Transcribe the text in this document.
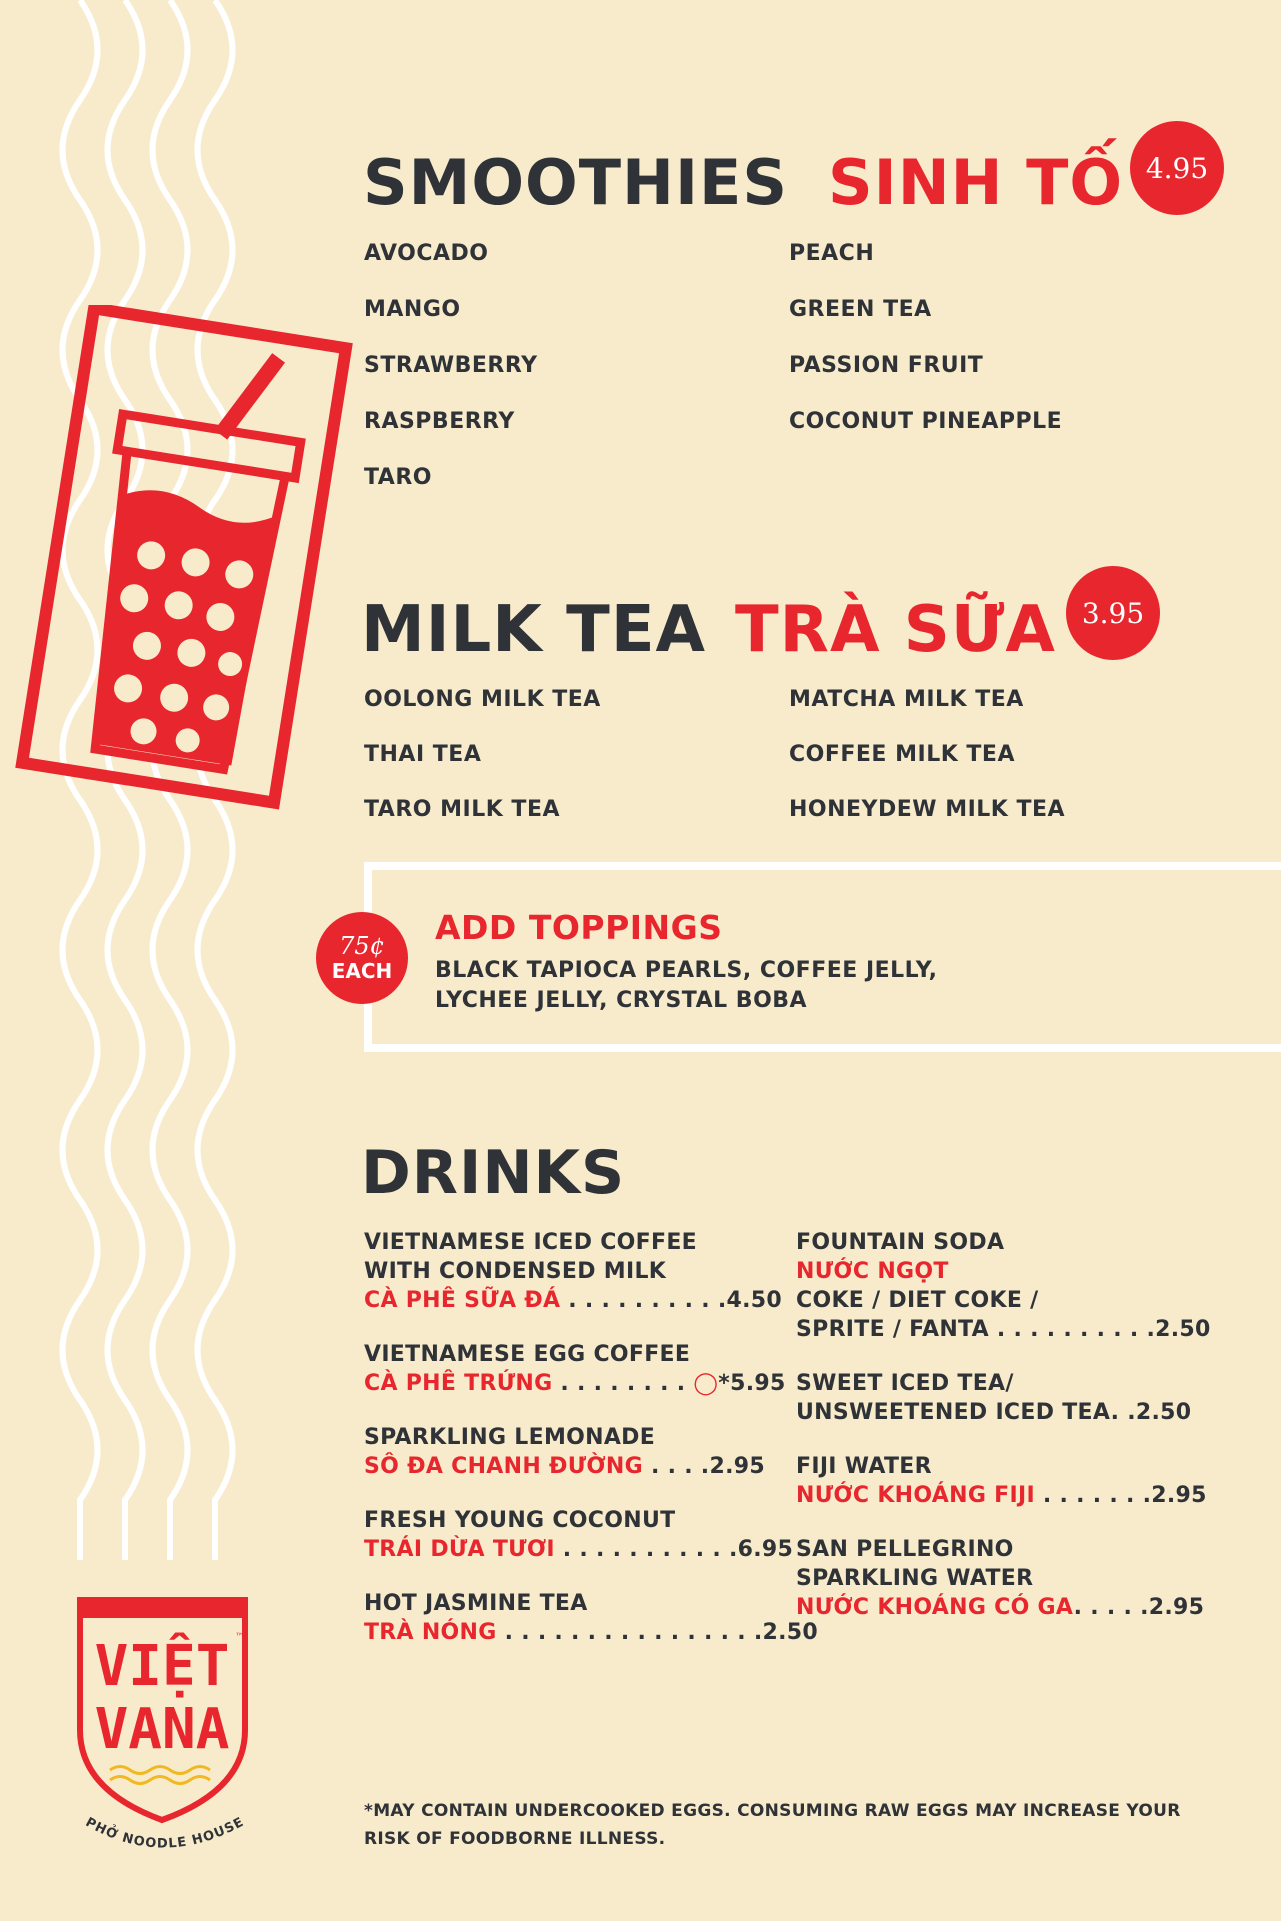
SMOOTHIES SINH TỐ 4.95
AVOCADO
MANGO
STRAWBERRY
RASPBERRY
TARO
PEACH
GREEN TEA
PASSION FRUIT
COCONUT PINEAPPLE
MILK TEA TRÀ SỮA 3.95
OOLONG MILK TEA
THAI TEA
TARO MILK TEA
MATCHA MILK TEA
COFFEE MILK TEA
HONEYDEW MILK TEA
75¢
EACH
ADD TOPPINGS
BLACK TAPIOCA PEARLS, COFFEE JELLY,
LYCHEE JELLY, CRYSTAL BOBA
DRINKS
VIETNAMESE ICED COFFEE
WITH CONDENSED MILK
CÀ PHÊ SỮA ĐÁ . . . . . . . . . .4.50
VIETNAMESE EGG COFFEE
CÀ PHÊ TRỨNG . . . . . . . . ◯*5.95
SPARKLING LEMONADE
SÔ ĐA CHANH ĐƯỜNG . . . .2.95
FRESH YOUNG COCONUT
TRÁI DỪA TƯƠI . . . . . . . . . . .6.95
HOT JASMINE TEA
TRÀ NÓNG . . . . . . . . . . . . . . . .2.50
FOUNTAIN SODA
NƯỚC NGỌT
COKE / DIET COKE /
SPRITE / FANTA . . . . . . . . . .2.50
SWEET ICED TEA/
UNSWEETENED ICED TEA. .2.50
FIJI WATER
NƯỚC KHOÁNG FIJI . . . . . . .2.95
SAN PELLEGRINO
SPARKLING WATER
NƯỚC KHOÁNG CÓ GA. . . . .2.95
VIỆT
VANA
™
PHỞ NOODLE HOUSE
*MAY CONTAIN UNDERCOOKED EGGS. CONSUMING RAW EGGS MAY INCREASE YOUR RISK OF FOODBORNE ILLNESS.
